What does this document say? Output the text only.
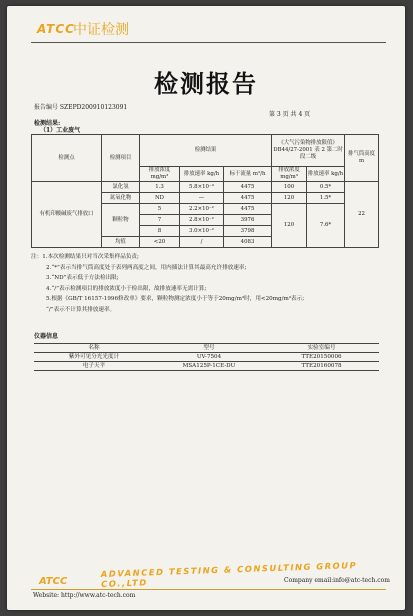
ATCC
中证检测
检测报告
报告编号 SZEPD200910123091
第 3 页 共 4 页
检测结果:
（1）工业废气
检测点	检测项目	检测结果			《大气污染物排放限值》DB44/27-2001 表 2 第二时段二级		排气筒高度 m
		排放浓度 mg/m³	排放速率 kg/h	标干流量 m³/h	排放浓度 mg/m³	排放速率 kg/h	
有机印酸碱废气排放口	氯化氢	1.3	5.8×10⁻³	4475	100	0.5*	22
	氮氧化物	ND	—	4475	120	1.5*	
	颗粒物	5	2.2×10⁻²	4475	120	7.6*	
		7	2.8×10⁻²	3976			
		8	3.0×10⁻²	3798			
	均值	<20	/	4083			
注：1.本次检测结果只对当次采集样品负责;
2.“*”表示当排气筒高度处于表列两高度之间，用内插法计算其最高允许排放速率;
3.“ND”表示低于方法检出限;
4.“/”表示检测项目的排放浓度小于检出限，故排放速率无需计算;
5.根据《GB/T 16157-1996修改单》要求，颗粒物测定浓度小于等于20mg/m³时，用<20mg/m³表示;
“/”表示不计算其排放速率。
仪器信息
名称	型号	实验室编号
紫外可见分光光度计	UV-7504	TTE20150006
电子天平	MSA125P-1CE-DU	TTE20160078
ATCC
ADVANCED TESTING & CONSULTING GROUP CO.,LTD	Company email:info@atc-tech.com
Website: http://www.atc-tech.com
